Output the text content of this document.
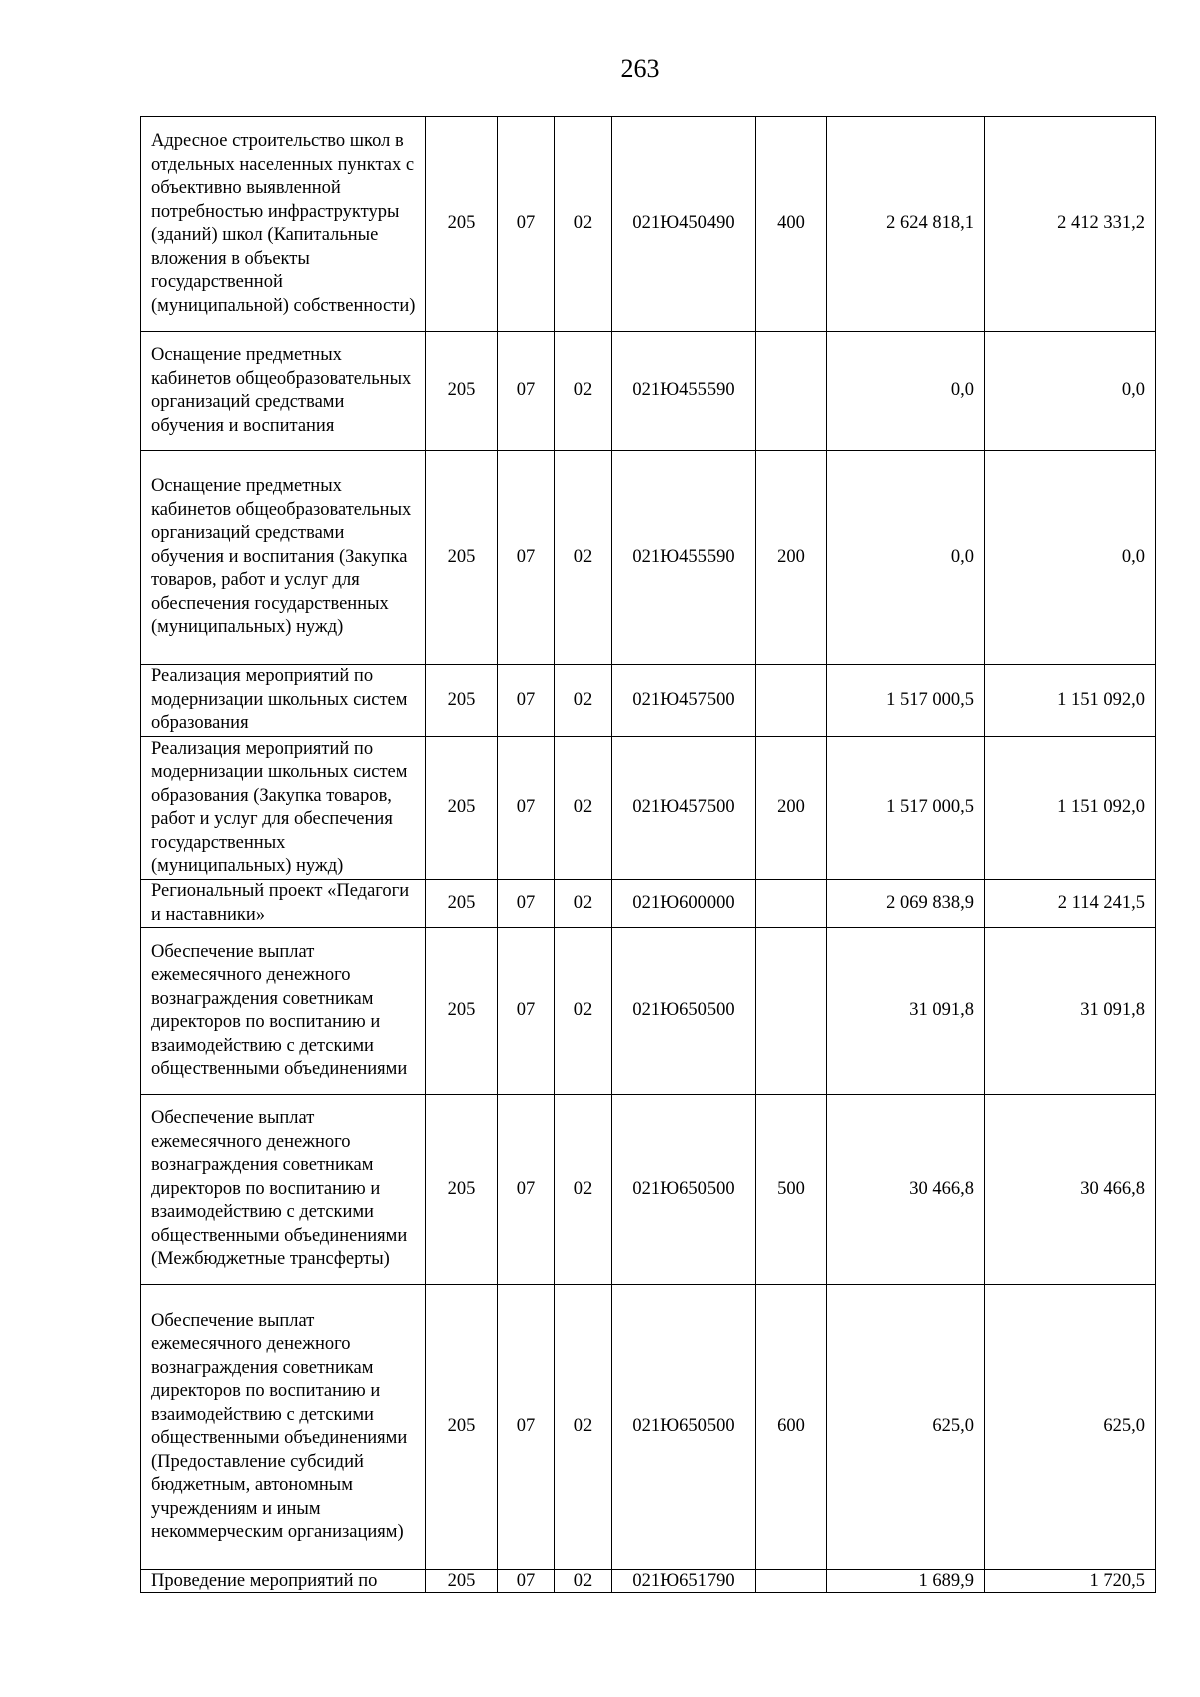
263
Адресное строительство школ в отдельных населенных пунктах с объективно выявленной потребностью инфраструктуры (зданий) школ (Капитальные вложения в объекты государственной (муниципальной) собственности)	205	07	02	021Ю450490	400	2 624 818,1	2 412 331,2
Оснащение предметных кабинетов общеобразовательных организаций средствами обучения и воспитания	205	07	02	021Ю455590		0,0	0,0
Оснащение предметных кабинетов общеобразовательных организаций средствами обучения и воспитания (Закупка товаров, работ и услуг для обеспечения государственных (муниципальных) нужд)	205	07	02	021Ю455590	200	0,0	0,0
Реализация мероприятий по модернизации школьных систем образования	205	07	02	021Ю457500		1 517 000,5	1 151 092,0
Реализация мероприятий по модернизации школьных систем образования (Закупка товаров, работ и услуг для обеспечения государственных (муниципальных) нужд)	205	07	02	021Ю457500	200	1 517 000,5	1 151 092,0
Региональный проект «Педагоги и наставники»	205	07	02	021Ю600000		2 069 838,9	2 114 241,5
Обеспечение выплат ежемесячного денежного вознаграждения советникам директоров по воспитанию и взаимодействию с детскими общественными объединениями	205	07	02	021Ю650500		31 091,8	31 091,8
Обеспечение выплат ежемесячного денежного вознаграждения советникам директоров по воспитанию и взаимодействию с детскими общественными объединениями (Межбюджетные трансферты)	205	07	02	021Ю650500	500	30 466,8	30 466,8
Обеспечение выплат ежемесячного денежного вознаграждения советникам директоров по воспитанию и взаимодействию с детскими общественными объединениями (Предоставление субсидий бюджетным, автономным учреждениям и иным некоммерческим организациям)	205	07	02	021Ю650500	600	625,0	625,0
Проведение мероприятий по	205	07	02	021Ю651790		1 689,9	1 720,5
